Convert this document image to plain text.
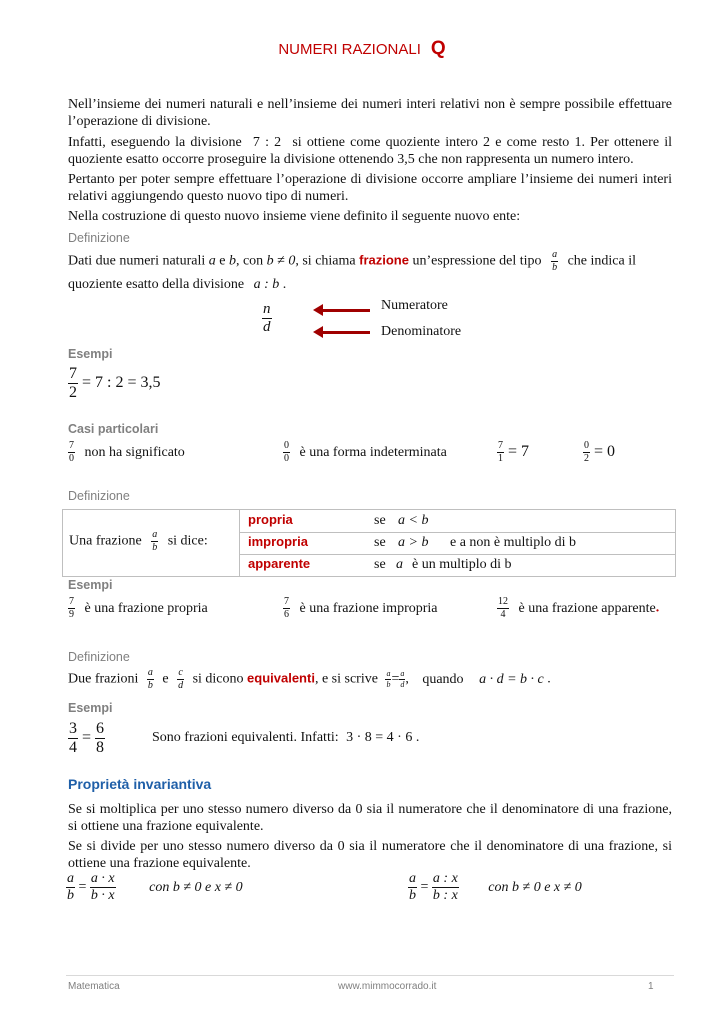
NUMERI RAZIONALI Q
Nell’insieme dei numeri naturali e nell’insieme dei numeri interi relativi non è sempre possibile effettuare l’operazione di divisione.
Infatti, eseguendo la divisione 7 : 2 si ottiene come quoziente intero 2 e come resto 1. Per ottenere il quoziente esatto occorre proseguire la divisione ottenendo 3,5 che non rappresenta un numero intero.
Pertanto per poter sempre effettuare l’operazione di divisione occorre ampliare l’insieme dei numeri interi relativi aggiungendo questo nuovo tipo di numeri.
Nella costruzione di questo nuovo insieme viene definito il seguente nuovo ente:
Definizione
Dati due numeri naturali a e b, con b ≠ 0, si chiama frazione un’espressione del tipo $\frac{a}{b}$ che indica il
quoziente esatto della divisione a : b .
$\frac{n}{d}$	Numeratore
Denominatore
Esempi
$\frac{7}{2} = 7$ : 2 = 3,5
Casi particolari
$\frac{7}{0}$ non ha significato	$\frac{0}{0}$ è una forma indeterminata	$\frac{7}{1} = 7$	$\frac{0}{2} = 0$
Definizione
Una frazione $\frac{a}{b}$ si dice:
propria	se a < b
impropria	se a > b e a non è multiplo di b
apparente	se a è un multiplo di b
Esempi
$\frac{7}{9}$ è una frazione propria	$\frac{7}{6}$ è una frazione impropria	$\frac{12}{4}$ è una frazione apparente.
Definizione
Due frazioni $\frac{a}{b}$ e $\frac{c}{d}$ si dicono equivalenti, e si scrive $\frac{a}{b} = \frac{a}{d}$ , quando a · d = b · c .
Esempi
$\frac{3}{4} = \frac{6}{8}$	Sono frazioni equivalenti. Infatti: 3 · 8 = 4 · 6 .
Proprietà invariantiva
Se si moltiplica per uno stesso numero diverso da 0 sia il numeratore che il denominatore di una frazione, si ottiene una frazione equivalente.
Se si divide per uno stesso numero diverso da 0 sia il numeratore che il denominatore di una frazione, si ottiene una frazione equivalente.
$\frac{a}{b} = \frac{a \cdot x}{b \cdot x}$ con b ≠ 0 e x ≠ 0	$\frac{a}{b} = \frac{a : x}{b : x}$ con b ≠ 0 e x ≠ 0
Matematica	www.mimmocorrado.it	1
